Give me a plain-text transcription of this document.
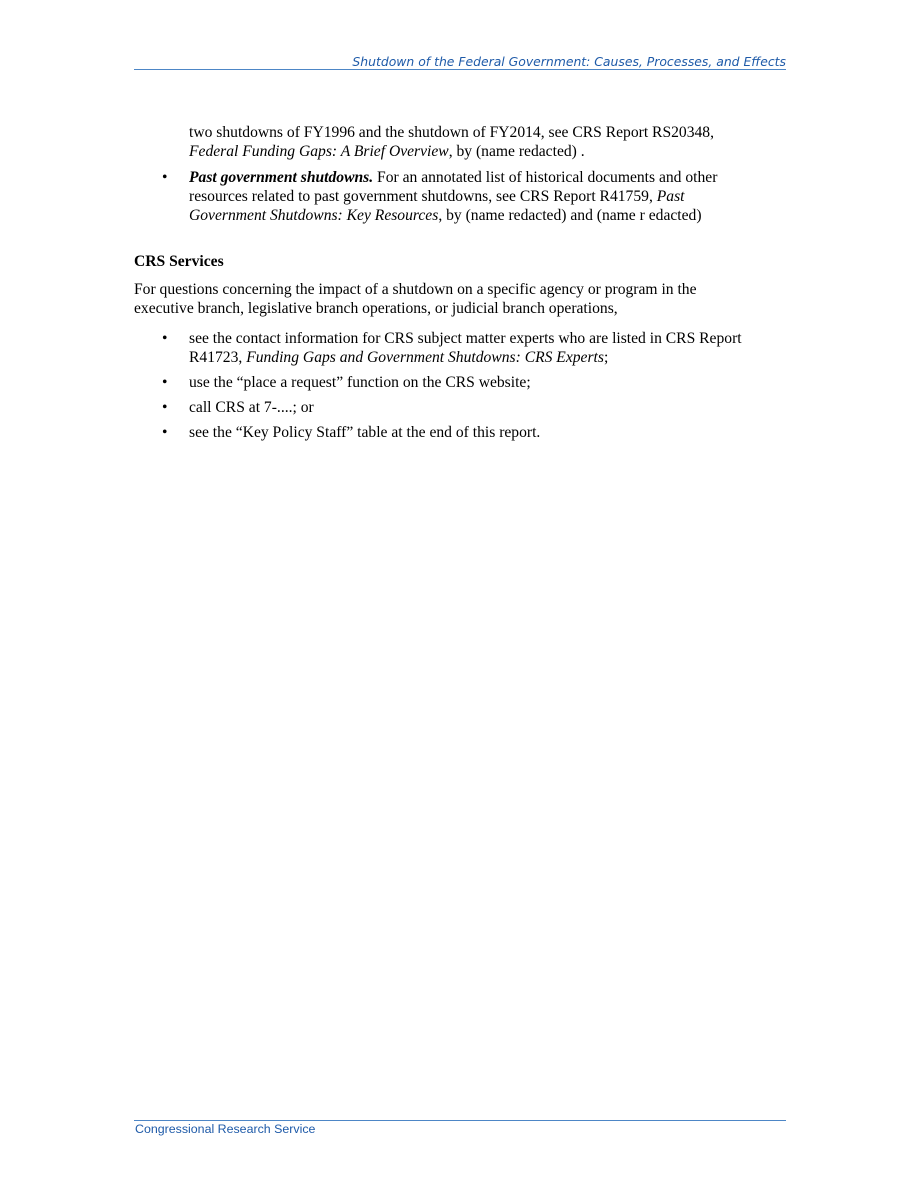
Shutdown of the Federal Government: Causes, Processes, and Effects
two shutdowns of FY1996 and the shutdown of FY2014, see CRS Report RS20348, Federal Funding Gaps: A Brief Overview, by (name redacted) .
• Past government shutdowns. For an annotated list of historical documents and other resources related to past government shutdowns, see CRS Report R41759, Past Government Shutdowns: Key Resources, by (name redacted) and (name r edacted)
CRS Services
For questions concerning the impact of a shutdown on a specific agency or program in the executive branch, legislative branch operations, or judicial branch operations,
• see the contact information for CRS subject matter experts who are listed in CRS Report R41723, Funding Gaps and Government Shutdowns: CRS Experts;
• use the “place a request” function on the CRS website;
• call CRS at 7-....; or
• see the “Key Policy Staff” table at the end of this report.
Congressional Research Service
